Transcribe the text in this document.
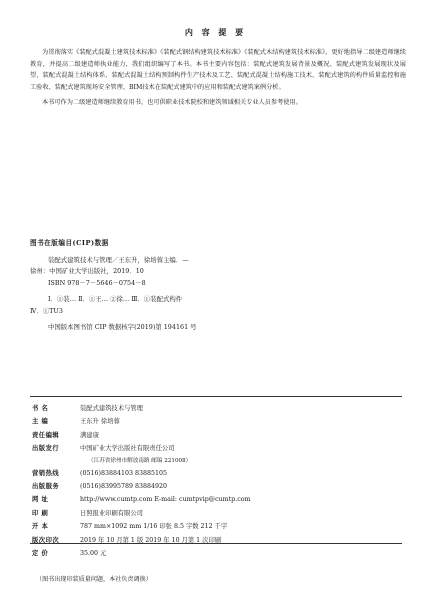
内 容 提 要

为贯彻落实《装配式混凝土建筑技术标准》《装配式钢结构建筑技术标准》《装配式木结构建筑技术标准》，更好地指导二级建造师继续教育，并提高二级建造师执业能力，我们组织编写了本书。本书主要内容包括：装配式建筑发展背景及概况、装配式建筑发展现状及展望、装配式混凝土结构体系、装配式混凝土结构预制构件生产技术及工艺、装配式混凝土结构施工技术、装配式建筑的构件质量监控和施工验收、装配式建筑现场安全管理、BIM技术在装配式建筑中的应用和装配式建筑案例分析。

本书可作为二级建造师继续教育用书，也可供职业技术院校和建筑领域相关专业人员参考使用。

图书在版编目(CIP)数据
装配式建筑技术与管理／王东升，徐培蓉主编．—
徐州：中国矿业大学出版社，2019．10
ISBN 978－7－5646－0754－8
Ⅰ．①装… Ⅱ．①王… ②徐… Ⅲ．①装配式构件
Ⅳ．①TU3
中国版本图书馆 CIP 数据核字(2019)第 194161 号
书 名	装配式建筑技术与管理
主 编	王东升 徐培蓉
责任编辑	满建康
出版发行	中国矿业大学出版社有限责任公司
（江苏省徐州市解放南路 邮编 221008）
营销热线	(0516)83884103 83885105
出版服务	(0516)83995789 83884920
网 址	http://www.cumtp.com E-mail: cumtpvip@cumtp.com
印 刷	日照报业印刷有限公司
开 本	787 mm×1092 mm 1/16 印张 8.5 字数 212 千字
版次印次	2019 年 10 月第 1 版 2019 年 10 月第 1 次印刷
定 价	35.00 元
（图书出现印装质量问题，本社负责调换）
